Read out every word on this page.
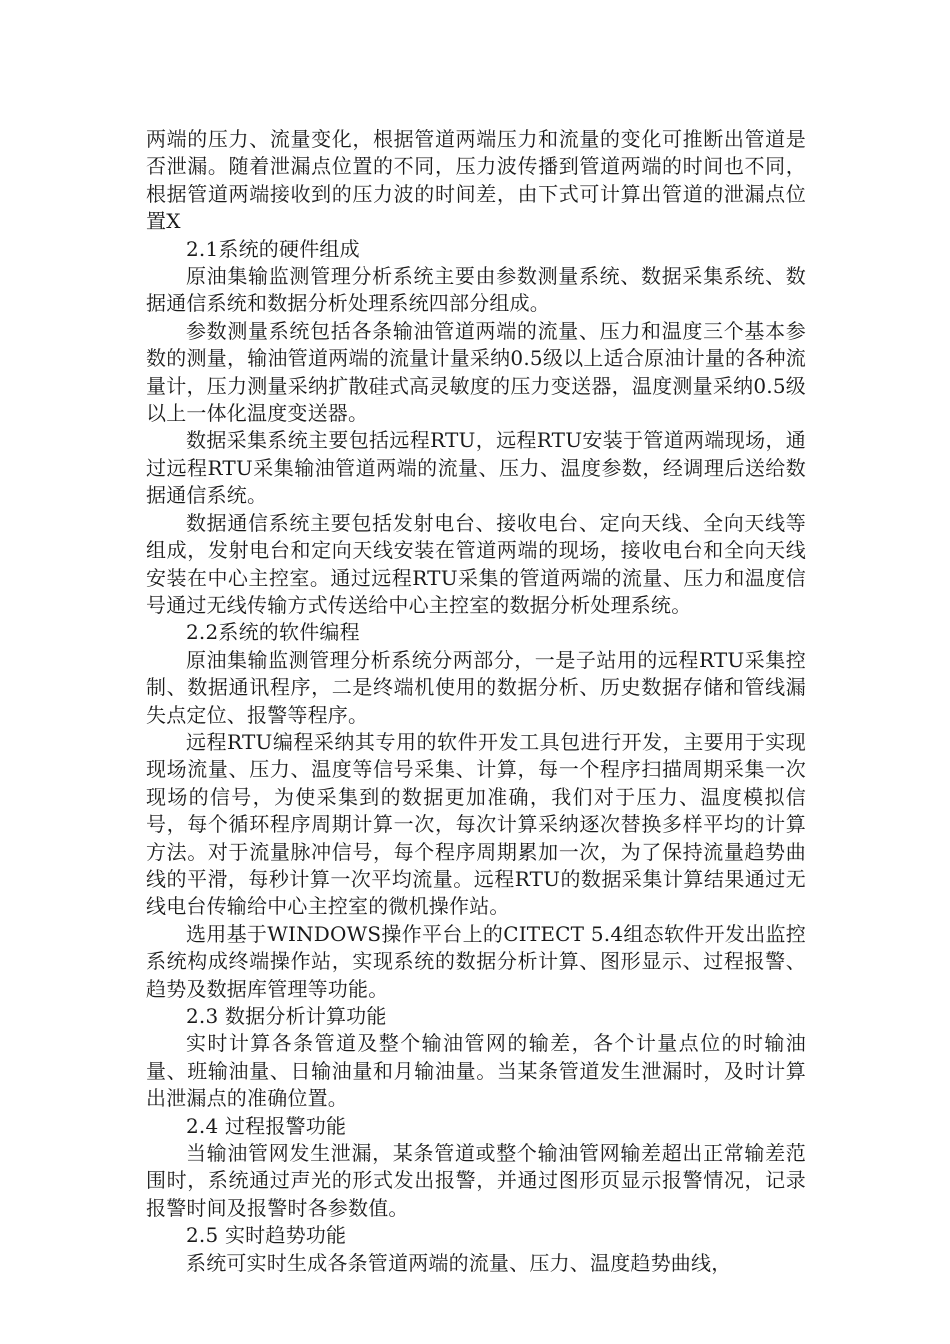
两端的压力、流量变化，根据管道两端压力和流量的变化可推断出管道是否泄漏。随着泄漏点位置的不同，压力波传播到管道两端的时间也不同，根据管道两端接收到的压力波的时间差，由下式可计算出管道的泄漏点位置X

2.1系统的硬件组成

原油集输监测管理分析系统主要由参数测量系统、数据采集系统、数据通信系统和数据分析处理系统四部分组成。

参数测量系统包括各条输油管道两端的流量、压力和温度三个基本参数的测量，输油管道两端的流量计量采纳0.5级以上适合原油计量的各种流量计，压力测量采纳扩散硅式高灵敏度的压力变送器，温度测量采纳0.5级以上一体化温度变送器。

数据采集系统主要包括远程RTU，远程RTU安装于管道两端现场，通过远程RTU采集输油管道两端的流量、压力、温度参数，经调理后送给数据通信系统。

数据通信系统主要包括发射电台、接收电台、定向天线、全向天线等组成，发射电台和定向天线安装在管道两端的现场，接收电台和全向天线安装在中心主控室。通过远程RTU采集的管道两端的流量、压力和温度信号通过无线传输方式传送给中心主控室的数据分析处理系统。

2.2系统的软件编程

原油集输监测管理分析系统分两部分，一是子站用的远程RTU采集控制、数据通讯程序，二是终端机使用的数据分析、历史数据存储和管线漏失点定位、报警等程序。

远程RTU编程采纳其专用的软件开发工具包进行开发，主要用于实现现场流量、压力、温度等信号采集、计算，每一个程序扫描周期采集一次现场的信号，为使采集到的数据更加准确，我们对于压力、温度模拟信号，每个循环程序周期计算一次，每次计算采纳逐次替换多样平均的计算方法。对于流量脉冲信号，每个程序周期累加一次，为了保持流量趋势曲线的平滑，每秒计算一次平均流量。远程RTU的数据采集计算结果通过无线电台传输给中心主控室的微机操作站。

选用基于WINDOWS操作平台上的CITECT 5.4组态软件开发出监控系统构成终端操作站，实现系统的数据分析计算、图形显示、过程报警、趋势及数据库管理等功能。

2.3 数据分析计算功能

实时计算各条管道及整个输油管网的输差，各个计量点位的时输油量、班输油量、日输油量和月输油量。当某条管道发生泄漏时，及时计算出泄漏点的准确位置。

2.4 过程报警功能

当输油管网发生泄漏，某条管道或整个输油管网输差超出正常输差范围时，系统通过声光的形式发出报警，并通过图形页显示报警情况，记录报警时间及报警时各参数值。

2.5 实时趋势功能

系统可实时生成各条管道两端的流量、压力、温度趋势曲线，
